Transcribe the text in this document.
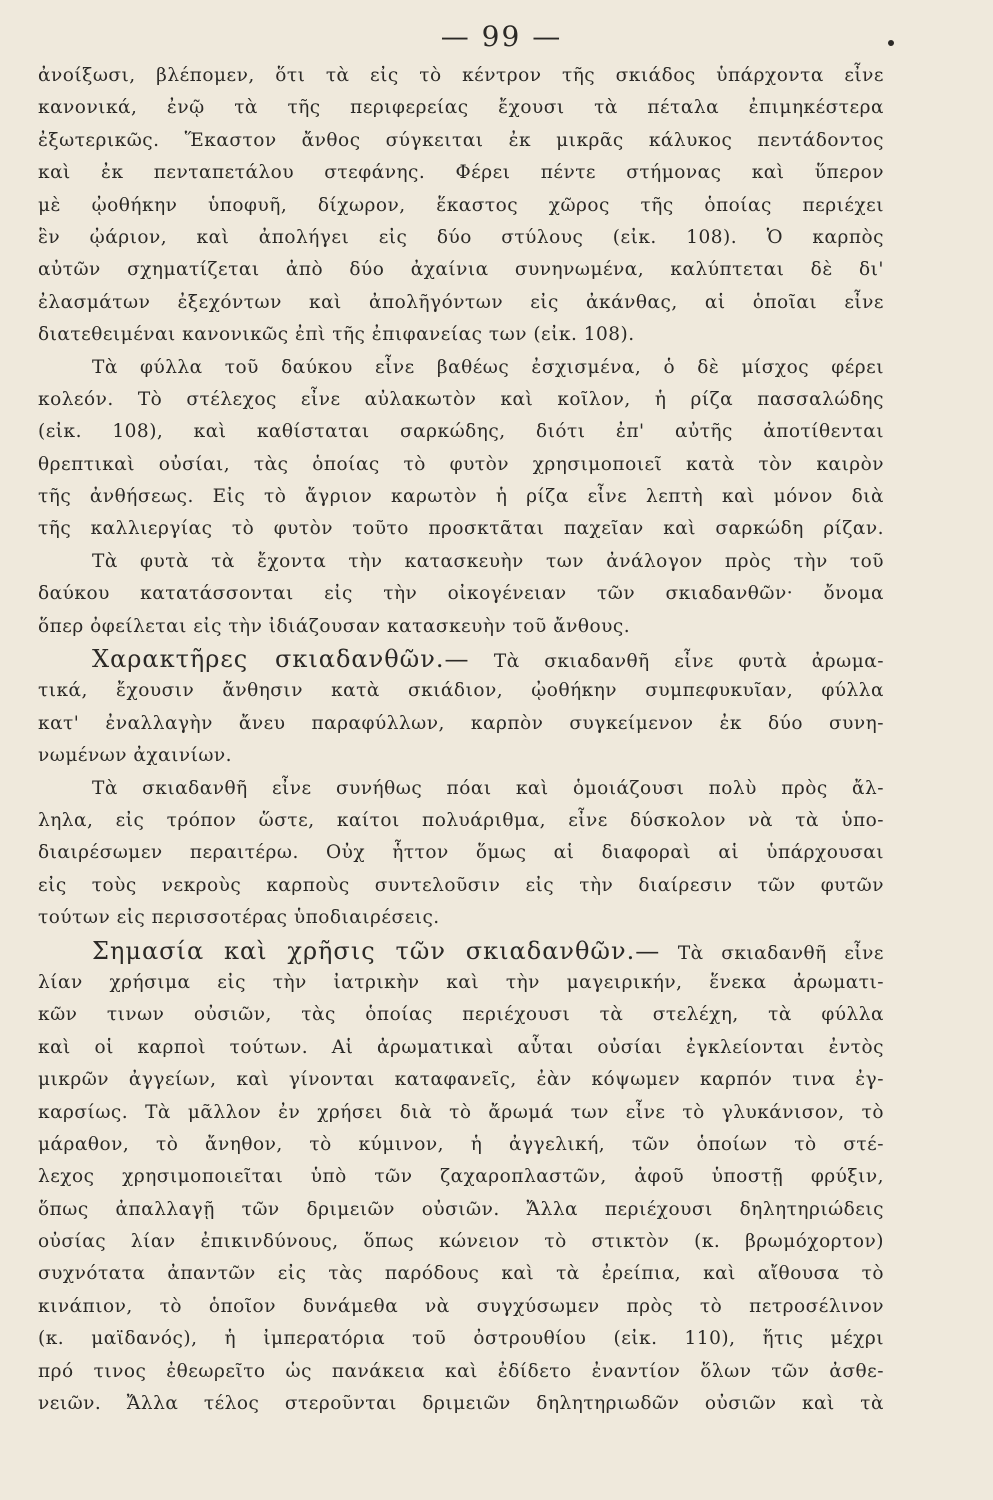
— 99 —
ἀνοίξωσι, βλέπομεν, ὅτι τὰ εἰς τὸ κέντρον τῆς σκιάδος ὑπάρχοντα εἶνε
κανονικά, ἐνῷ τὰ τῆς περιφερείας ἔχουσι τὰ πέταλα ἐπιμηκέστερα
ἐξωτερικῶς. Ἕκαστον ἄνθος σύγκειται ἐκ μικρᾶς κάλυκος πεντάδοντος
καὶ ἐκ πενταπετάλου στεφάνης. Φέρει πέντε στήμονας καὶ ὕπερον
μὲ ᾠοθήκην ὑποφυῆ, δίχωρον, ἕκαστος χῶρος τῆς ὁποίας περιέχει
ἓν ᾠάριον, καὶ ἀπολήγει εἰς δύο στύλους (εἰκ. 108). Ὁ καρπὸς
αὐτῶν σχηματίζεται ἀπὸ δύο ἀχαίνια συνηνωμένα, καλύπτεται δὲ δι'
ἐλασμάτων ἐξεχόντων καὶ ἀπολῆγόντων εἰς ἀκάνθας, αἱ ὁποῖαι εἶνε
διατεθειμέναι κανονικῶς ἐπὶ τῆς ἐπιφανείας των (εἰκ. 108).
Τὰ φύλλα τοῦ δαύκου εἶνε βαθέως ἐσχισμένα, ὁ δὲ μίσχος φέρει
κολεόν. Τὸ στέλεχος εἶνε αὐλακωτὸν καὶ κοῖλον, ἡ ρίζα πασσαλώδης
(εἰκ. 108), καὶ καθίσταται σαρκώδης, διότι ἐπ' αὐτῆς ἀποτίθενται
θρεπτικαὶ οὐσίαι, τὰς ὁποίας τὸ φυτὸν χρησιμοποιεῖ κατὰ τὸν καιρὸν
τῆς ἀνθήσεως. Εἰς τὸ ἄγριον καρωτὸν ἡ ρίζα εἶνε λεπτὴ καὶ μόνον διὰ
τῆς καλλιεργίας τὸ φυτὸν τοῦτο προσκτᾶται παχεῖαν καὶ σαρκώδη ρίζαν.
Τὰ φυτὰ τὰ ἔχοντα τὴν κατασκευὴν των ἀνάλογον πρὸς τὴν τοῦ
δαύκου κατατάσσονται εἰς τὴν οἰκογένειαν τῶν σκιαδανθῶν· ὄνομα
ὅπερ ὀφείλεται εἰς τὴν ἰδιάζουσαν κατασκευὴν τοῦ ἄνθους.
Χαρακτῆρες σκιαδανθῶν.— Τὰ σκιαδανθῆ εἶνε φυτὰ ἀρωμα-
τικά, ἔχουσιν ἄνθησιν κατὰ σκιάδιον, ᾠοθήκην συμπεφυκυῖαν, φύλλα
κατ' ἐναλλαγὴν ἄνευ παραφύλλων, καρπὸν συγκείμενον ἐκ δύο συνη-
νωμένων ἀχαινίων.
Τὰ σκιαδανθῆ εἶνε συνήθως πόαι καὶ ὁμοιάζουσι πολὺ πρὸς ἄλ-
ληλα, εἰς τρόπον ὥστε, καίτοι πολυάριθμα, εἶνε δύσκολον νὰ τὰ ὑπο-
διαιρέσωμεν περαιτέρω. Οὐχ ἧττον ὅμως αἱ διαφοραὶ αἱ ὑπάρχουσαι
εἰς τοὺς νεκροὺς καρποὺς συντελοῦσιν εἰς τὴν διαίρεσιν τῶν φυτῶν
τούτων εἰς περισσοτέρας ὑποδιαιρέσεις.
Σημασία καὶ χρῆσις τῶν σκιαδανθῶν.— Τὰ σκιαδανθῆ εἶνε
λίαν χρήσιμα εἰς τὴν ἰατρικὴν καὶ τὴν μαγειρικήν, ἕνεκα ἀρωματι-
κῶν τινων οὐσιῶν, τὰς ὁποίας περιέχουσι τὰ στελέχη, τὰ φύλλα
καὶ οἱ καρποὶ τούτων. Αἱ ἀρωματικαὶ αὗται οὐσίαι ἐγκλείονται ἐντὸς
μικρῶν ἀγγείων, καὶ γίνονται καταφανεῖς, ἐὰν κόψωμεν καρπόν τινα ἐγ-
καρσίως. Τὰ μᾶλλον ἐν χρήσει διὰ τὸ ἄρωμά των εἶνε τὸ γλυκάνισον, τὸ
μάραθον, τὸ ἄνηθον, τὸ κύμινον, ἡ ἀγγελική, τῶν ὁποίων τὸ στέ-
λεχος χρησιμοποιεῖται ὑπὸ τῶν ζαχαροπλαστῶν, ἀφοῦ ὑποστῇ φρύξιν,
ὅπως ἀπαλλαγῇ τῶν δριμειῶν οὐσιῶν. Ἄλλα περιέχουσι δηλητηριώδεις
οὐσίας λίαν ἐπικινδύνους, ὅπως κώνειον τὸ στικτὸν (κ. βρωμόχορτον)
συχνότατα ἀπαντῶν εἰς τὰς παρόδους καὶ τὰ ἐρείπια, καὶ αἴθουσα τὸ
κινάπιον, τὸ ὁποῖον δυνάμεθα νὰ συγχύσωμεν πρὸς τὸ πετροσέλινον
(κ. μαϊδανός), ἡ ἰμπερατόρια τοῦ ὀστρουθίου (εἰκ. 110), ἥτις μέχρι
πρό τινος ἐθεωρεῖτο ὡς πανάκεια καὶ ἐδίδετο ἐναντίον ὅλων τῶν ἀσθε-
νειῶν. Ἄλλα τέλος στεροῦνται δριμειῶν δηλητηριωδῶν οὐσιῶν καὶ τὰ
